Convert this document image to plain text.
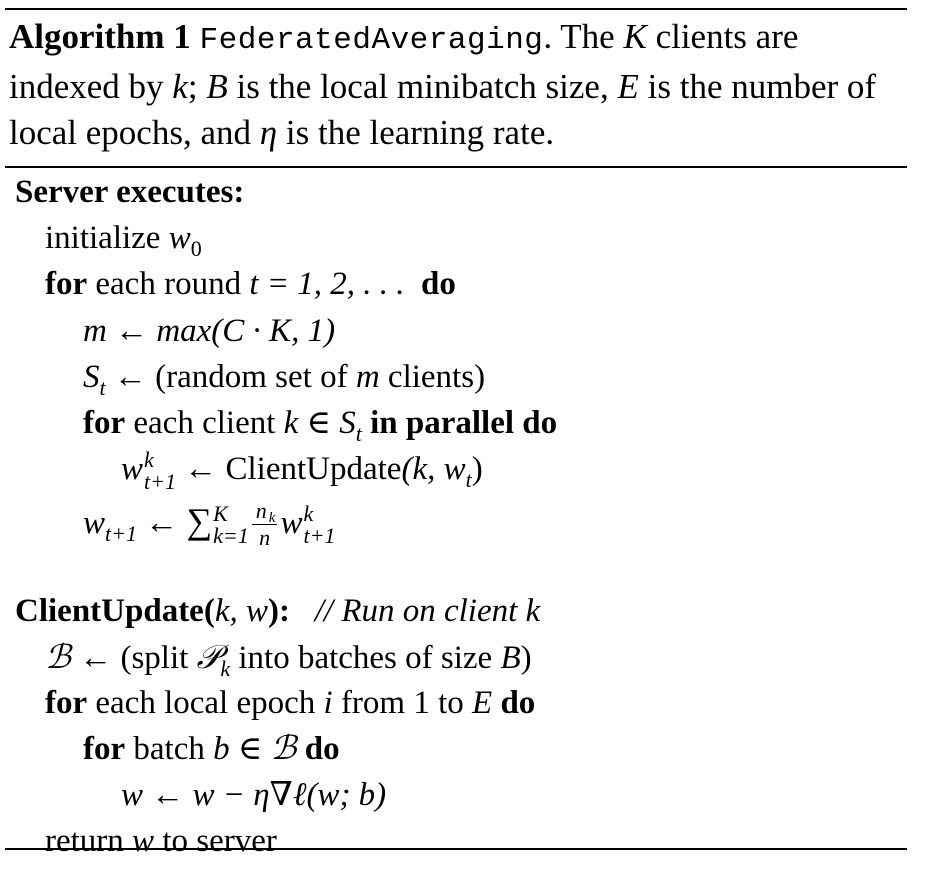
Algorithm 1 FederatedAveraging. The K clients are indexed by k; B is the local minibatch size, E is the number of local epochs, and η is the learning rate.
Server executes:
initialize $w_0$
for each round t = 1, 2, . . . do
m ← max(C · K, 1)
$S_t$ ← (random set of m clients)
for each client k ∈ $S_t$ in parallel do
w k
t+1 ← ClientUpdate(k, $w_t$)
$w_{t+1}$ ← ∑ K
$k=1 \frac{n _k}{n}$ w k
t+1
ClientUpdate(k, w): // Run on client k
ℬ ← (split 𝒫$_k$ into batches of size B)
for each local epoch i from 1 to E do
for batch b ∈ ℬ do
w ← w − η∇ℓ(w; b)
return w to server
